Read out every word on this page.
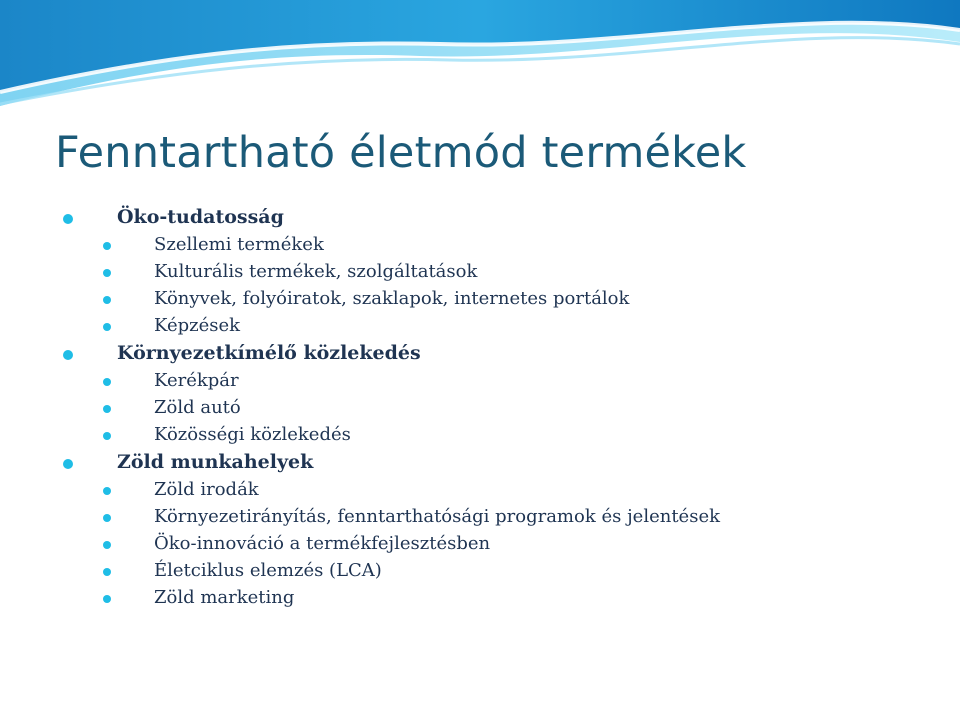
Fenntartható életmód termékek
Öko-tudatosság
Szellemi termékek
Kulturális termékek, szolgáltatások
Könyvek, folyóiratok, szaklapok, internetes portálok
Képzések
Környezetkímélő közlekedés
Kerékpár
Zöld autó
Közösségi közlekedés
Zöld munkahelyek
Zöld irodák
Környezetirányítás, fenntarthatósági programok és jelentések
Öko-innováció a termékfejlesztésben
Életciklus elemzés (LCA)
Zöld marketing
